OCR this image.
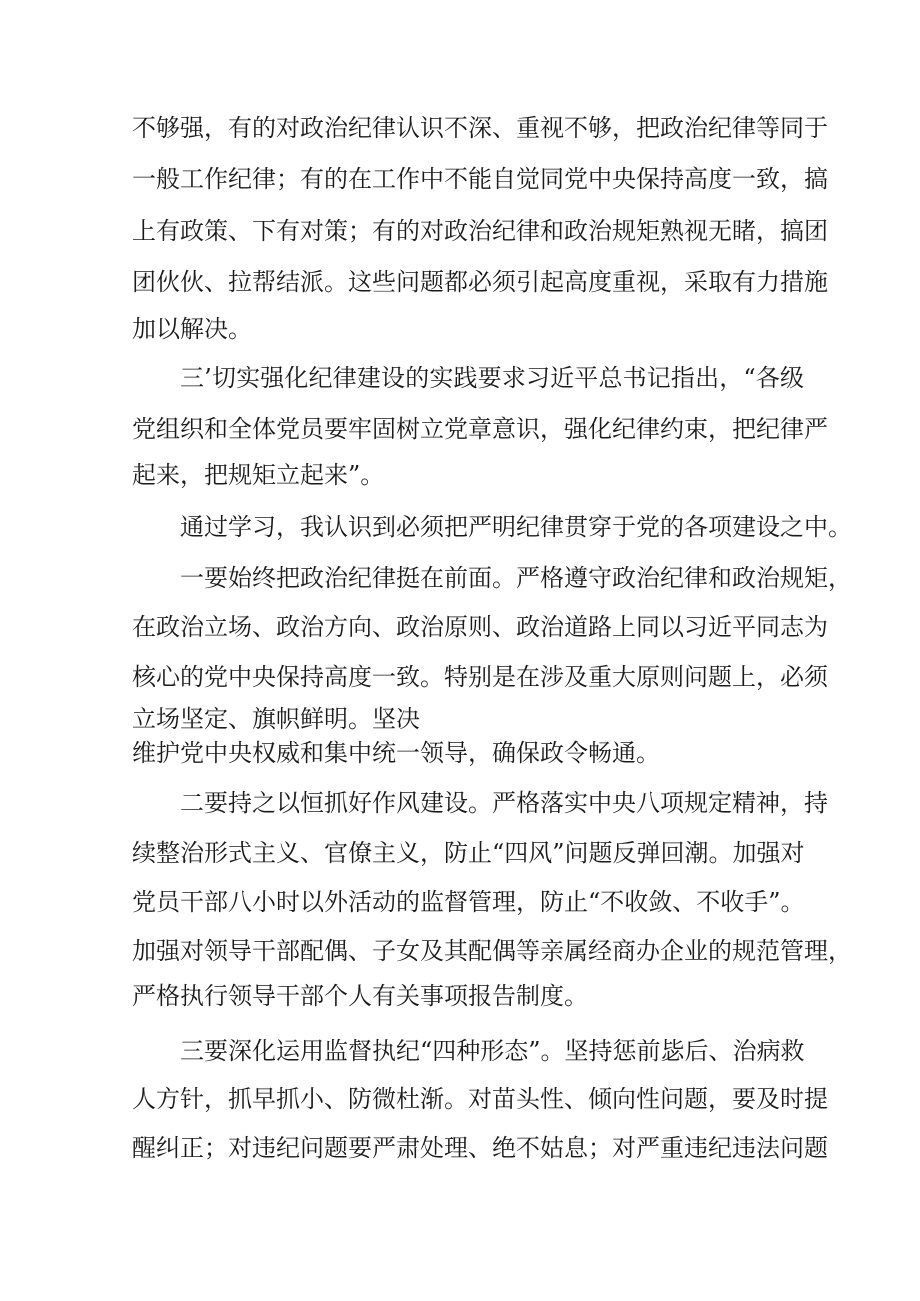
不够强，有的对政治纪律认识不深、重视不够，把政治纪律等同于
一般工作纪律；有的在工作中不能自觉同党中央保持高度一致，搞
上有政策、下有对策；有的对政治纪律和政治规矩熟视无睹，搞团
团伙伙、拉帮结派。这些问题都必须引起高度重视，采取有力措施
加以解决。
三’切实强化纪律建设的实践要求习近平总书记指出，“各级
党组织和全体党员要牢固树立党章意识，强化纪律约束，把纪律严
起来，把规矩立起来”。
通过学习，我认识到必须把严明纪律贯穿于党的各项建设之中。
一要始终把政治纪律挺在前面。严格遵守政治纪律和政治规矩，
在政治立场、政治方向、政治原则、政治道路上同以习近平同志为
核心的党中央保持高度一致。特别是在涉及重大原则问题上，必须
立场坚定、旗帜鲜明。坚决
维护党中央权威和集中统一领导，确保政令畅通。
二要持之以恒抓好作风建设。严格落实中央八项规定精神，持
续整治形式主义、官僚主义，防止“四风”问题反弹回潮。加强对
党员干部八小时以外活动的监督管理，防止“不收敛、不收手”。
加强对领导干部配偶、子女及其配偶等亲属经商办企业的规范管理，
严格执行领导干部个人有关事项报告制度。
三要深化运用监督执纪“四种形态”。坚持惩前毖后、治病救
人方针，抓早抓小、防微杜渐。对苗头性、倾向性问题，要及时提
醒纠正；对违纪问题要严肃处理、绝不姑息；对严重违纪违法问题
